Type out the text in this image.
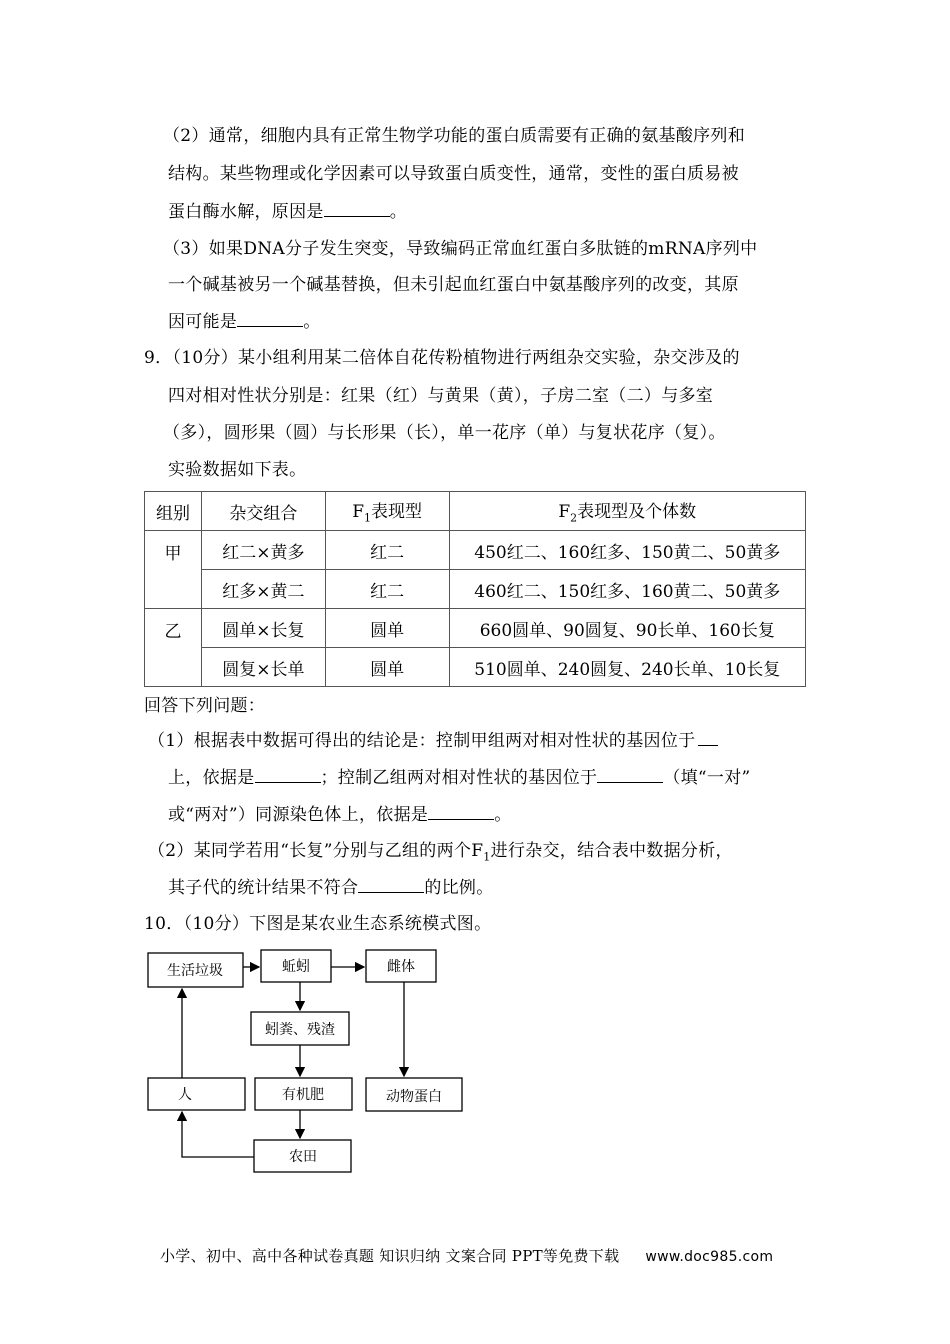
（2）通常，细胞内具有正常生物学功能的蛋白质需要有正确的氨基酸序列和
结构。某些物理或化学因素可以导致蛋白质变性，通常，变性的蛋白质易被
蛋白酶水解，原因是	。
（3）如果DNA分子发生突变，导致编码正常血红蛋白多肽链的mRNA序列中
一个碱基被另一个碱基替换，但未引起血红蛋白中氨基酸序列的改变，其原
因可能是	。
9．（10分）某小组利用某二倍体自花传粉植物进行两组杂交实验，杂交涉及的
四对相对性状分别是：红果（红）与黄果（黄），子房二室（二）与多室
（多），圆形果（圆）与长形果（长），单一花序（单）与复状花序（复）。
实验数据如下表。
组别	杂交组合	$F_1$表现型	$F_2$表现型及个体数
甲	红二×黄多	红二	450红二、160红多、150黄二、50黄多
	红多×黄二	红二	460红二、150红多、160黄二、50黄多
乙	圆单×长复	圆单	660圆单、90圆复、90长单、160长复
	圆复×长单	圆单	510圆单、240圆复、240长单、10长复
回答下列问题：
（1）根据表中数据可得出的结论是：控制甲组两对相对性状的基因位于
上，依据是	；控制乙组两对相对性状的基因位于	（填“一对”
或“两对”）同源染色体上，依据是	。
（2）某同学若用“长复”分别与乙组的两个$F_1$进行杂交，结合表中数据分析，
其子代的统计结果不符合	的比例。
10．（10分）下图是某农业生态系统模式图。
生活垃圾	蚯蚓	雌体
蚓粪、残渣
人	有机肥	动物蛋白
农田
小学、初中、高中各种试卷真题 知识归纳 文案合同 PPT等免费下载 www.doc985.com
